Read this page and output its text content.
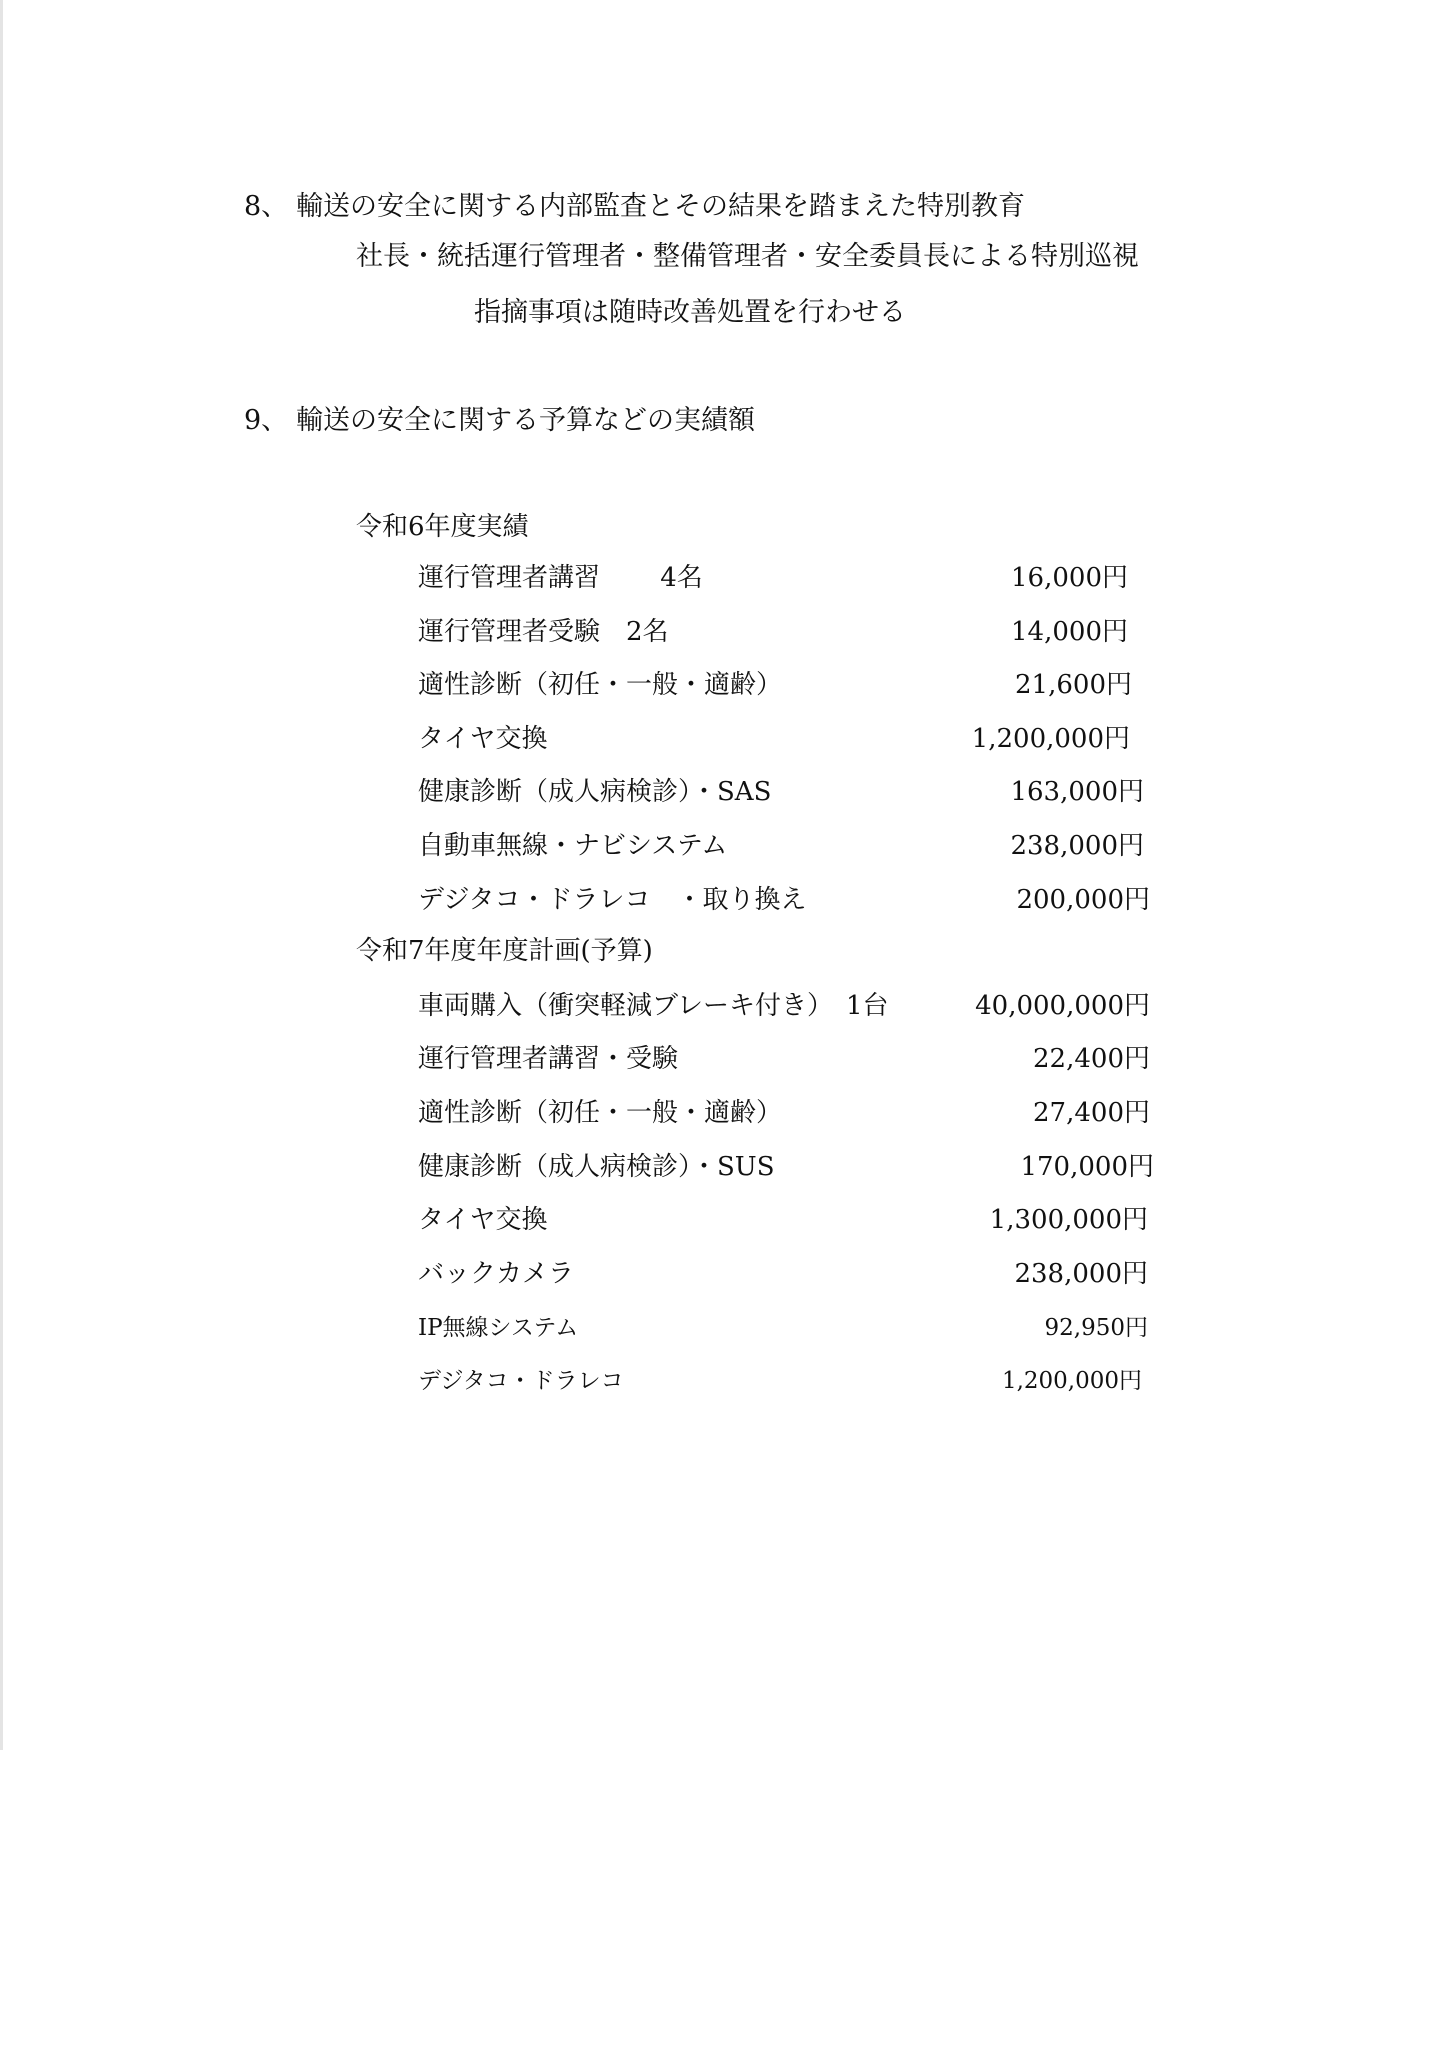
8、 輸送の安全に関する内部監査とその結果を踏まえた特別教育
社長・統括運行管理者・整備管理者・安全委員長による特別巡視
指摘事項は随時改善処置を行わせる
9、 輸送の安全に関する予算などの実績額
令和6年度実績
運行管理者講習　　 4名	16,000円
運行管理者受験　2名	14,000円
適性診断（初任・一般・適齢）	21,600円
タイヤ交換	1,200,000円
健康診断（成人病検診）・SAS	163,000円
自動車無線・ナビシステム	238,000円
デジタコ・ドラレコ　・取り換え	200,000円
令和7年度年度計画(予算)
車両購入（衝突軽減ブレーキ付き）　1台	40,000,000円
運行管理者講習・受験	22,400円
適性診断（初任・一般・適齢）	27,400円
健康診断（成人病検診）・SUS	170,000円
タイヤ交換	1,300,000円
バックカメラ	238,000円
IP無線システム	92,950円
デジタコ・ドラレコ	1,200,000円
